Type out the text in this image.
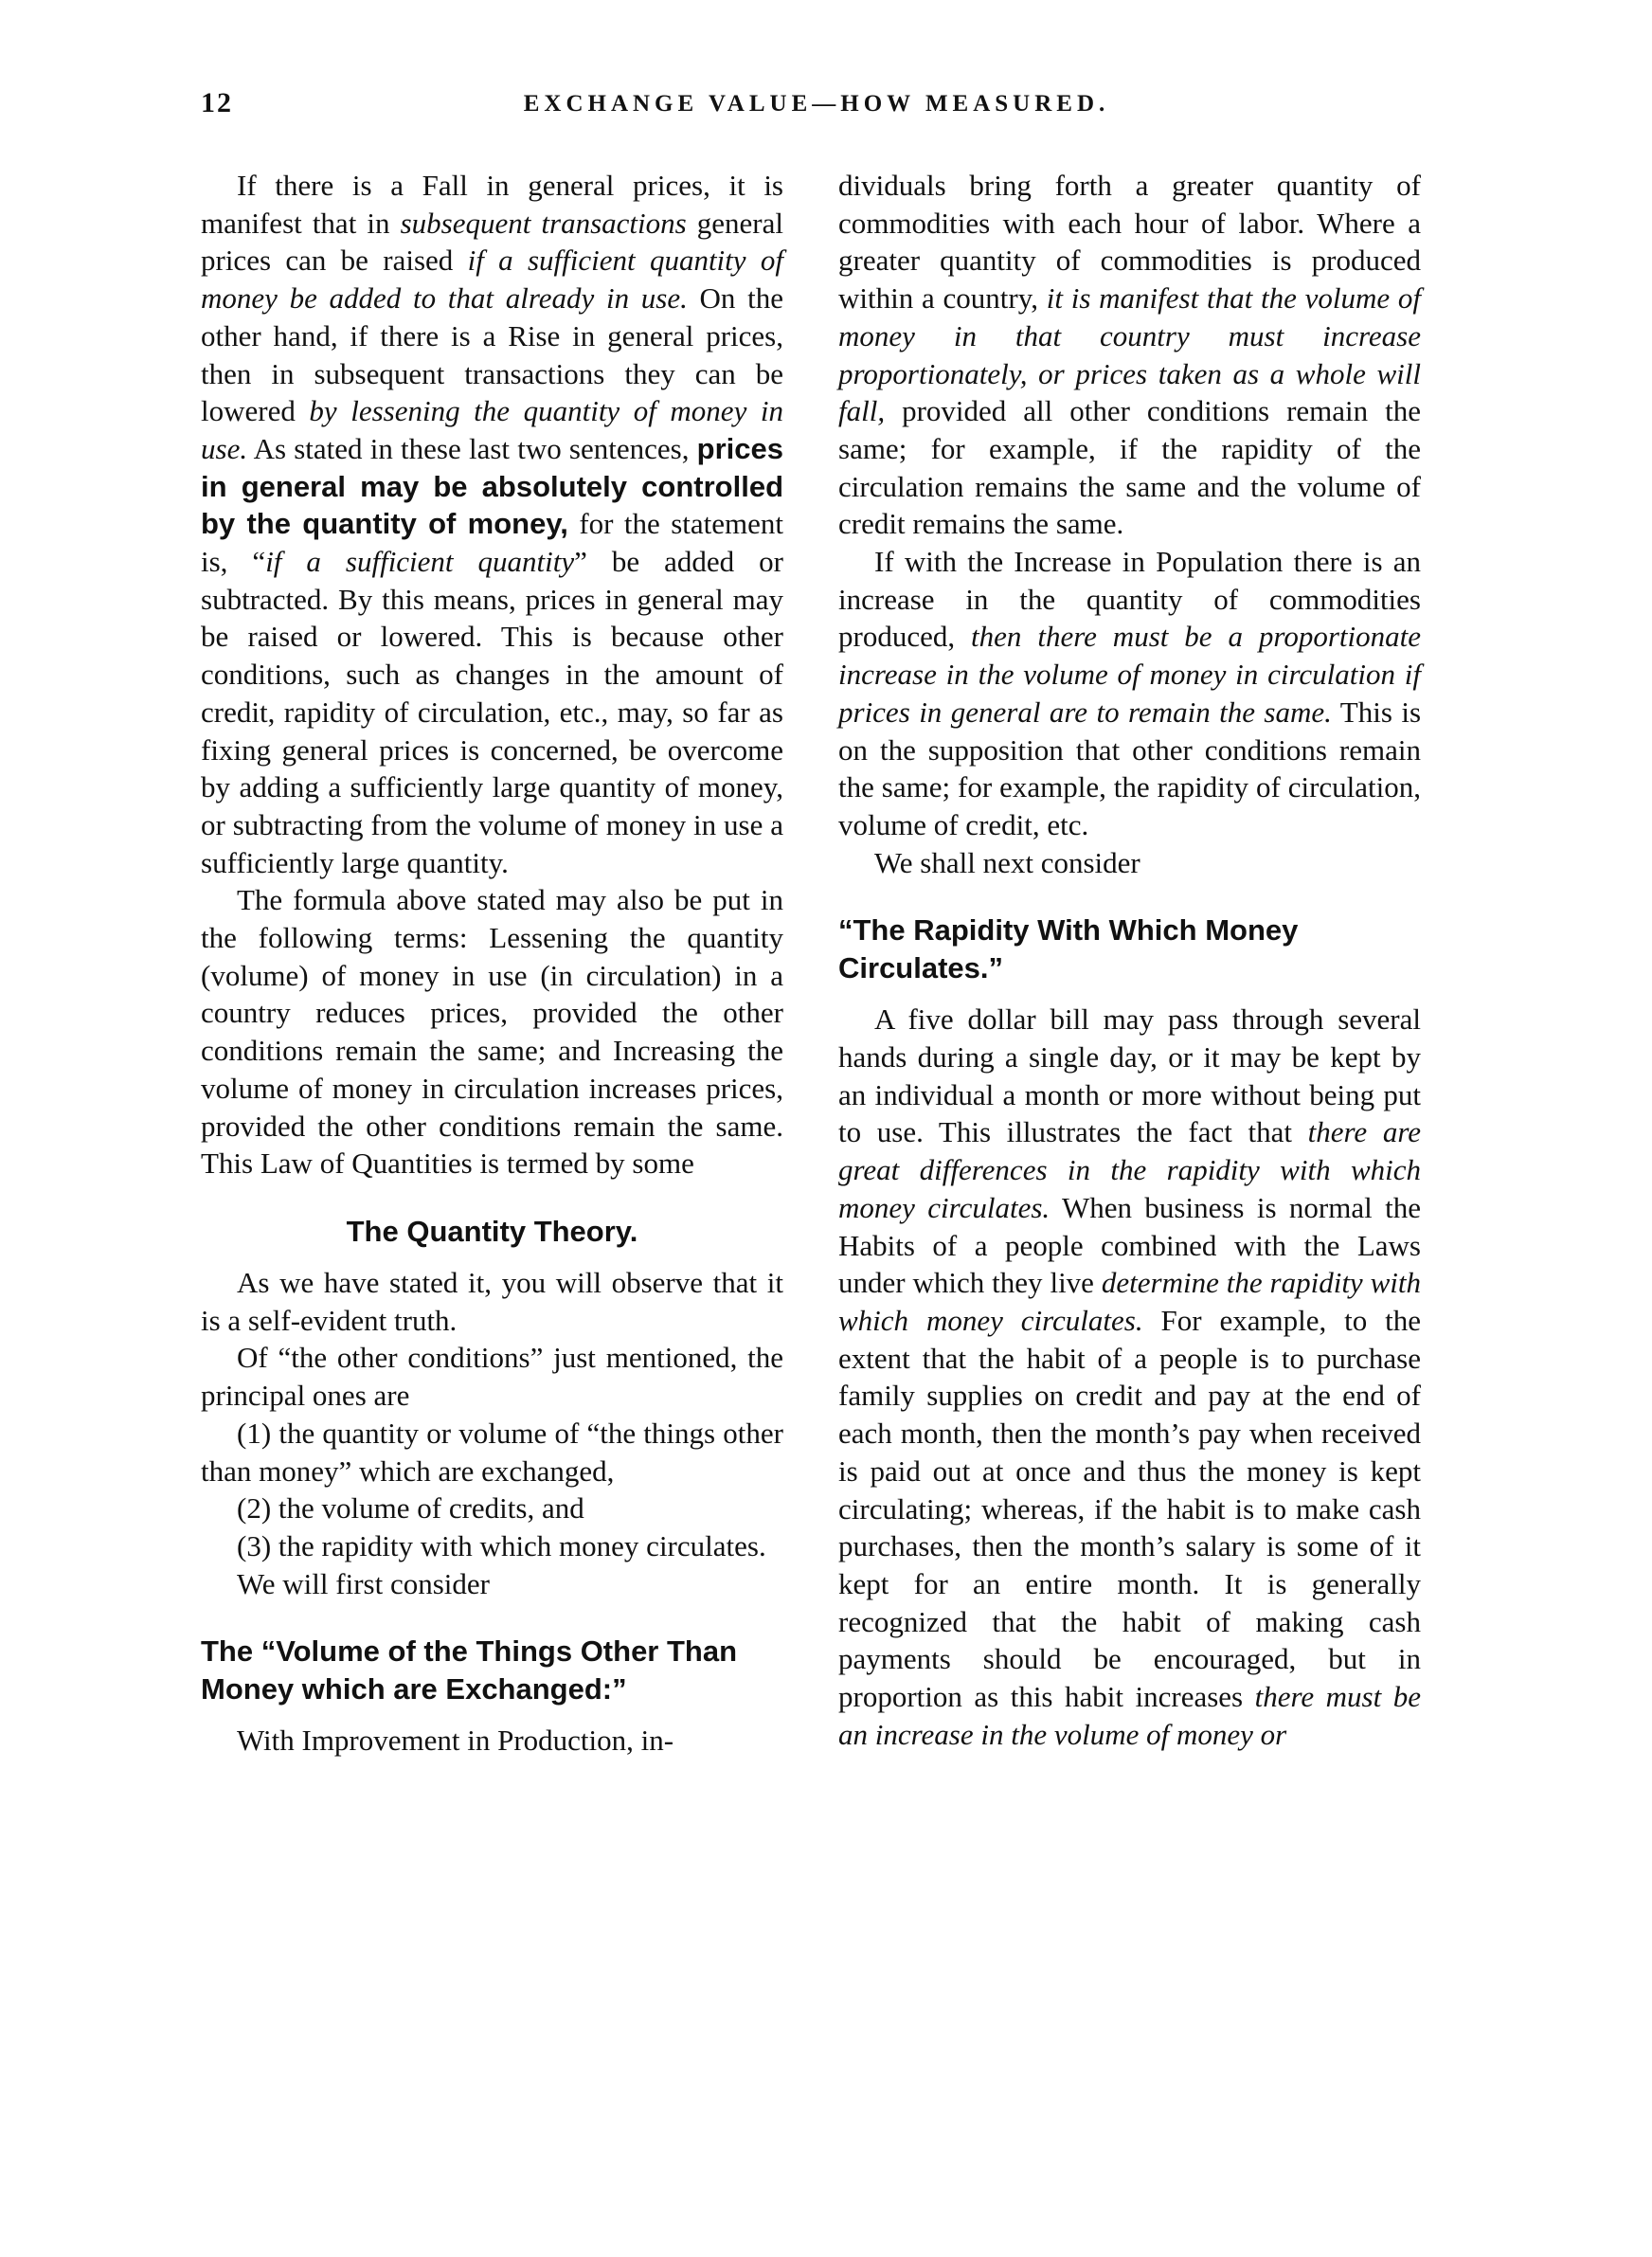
12	EXCHANGE VALUE—HOW MEASURED.

If there is a Fall in general prices, it is manifest that in subsequent transactions general prices can be raised if a sufficient quantity of money be added to that already in use. On the other hand, if there is a Rise in general prices, then in subsequent transactions they can be lowered by lessening the quantity of money in use. As stated in these last two sentences, prices in general may be absolutely controlled by the quantity of money, for the statement is, “if a sufficient quantity” be added or subtracted. By this means, prices in general may be raised or lowered. This is because other conditions, such as changes in the amount of credit, rapidity of circulation, etc., may, so far as fixing general prices is concerned, be overcome by adding a sufficiently large quantity of money, or subtracting from the volume of money in use a sufficiently large quantity.

The formula above stated may also be put in the following terms: Lessening the quantity (volume) of money in use (in circulation) in a country reduces prices, provided the other conditions remain the same; and Increasing the volume of money in circulation increases prices, provided the other conditions remain the same. This Law of Quantities is termed by some

The Quantity Theory.

As we have stated it, you will observe that it is a self-evident truth.

Of “the other conditions” just mentioned, the principal ones are

(1) the quantity or volume of “the things other than money” which are exchanged,

(2) the volume of credits, and

(3) the rapidity with which money circulates.

We will first consider

The “Volume of the Things Other Than Money which are Exchanged:”

With Improvement in Production, in-

dividuals bring forth a greater quantity of commodities with each hour of labor. Where a greater quantity of commodities is produced within a country, it is manifest that the volume of money in that country must increase proportionately, or prices taken as a whole will fall, provided all other conditions remain the same; for example, if the rapidity of the circulation remains the same and the volume of credit remains the same.

If with the Increase in Population there is an increase in the quantity of commodities produced, then there must be a proportionate increase in the volume of money in circulation if prices in general are to remain the same. This is on the supposition that other conditions remain the same; for example, the rapidity of circulation, volume of credit, etc.

We shall next consider

“The Rapidity With Which Money Circulates.”

A five dollar bill may pass through several hands during a single day, or it may be kept by an individual a month or more without being put to use. This illustrates the fact that there are great differences in the rapidity with which money circulates. When business is normal the Habits of a people combined with the Laws under which they live determine the rapidity with which money circulates. For example, to the extent that the habit of a people is to purchase family supplies on credit and pay at the end of each month, then the month’s pay when received is paid out at once and thus the money is kept circulating; whereas, if the habit is to make cash purchases, then the month’s salary is some of it kept for an entire month. It is generally recognized that the habit of making cash payments should be encouraged, but in proportion as this habit increases there must be an increase in the volume of money or
